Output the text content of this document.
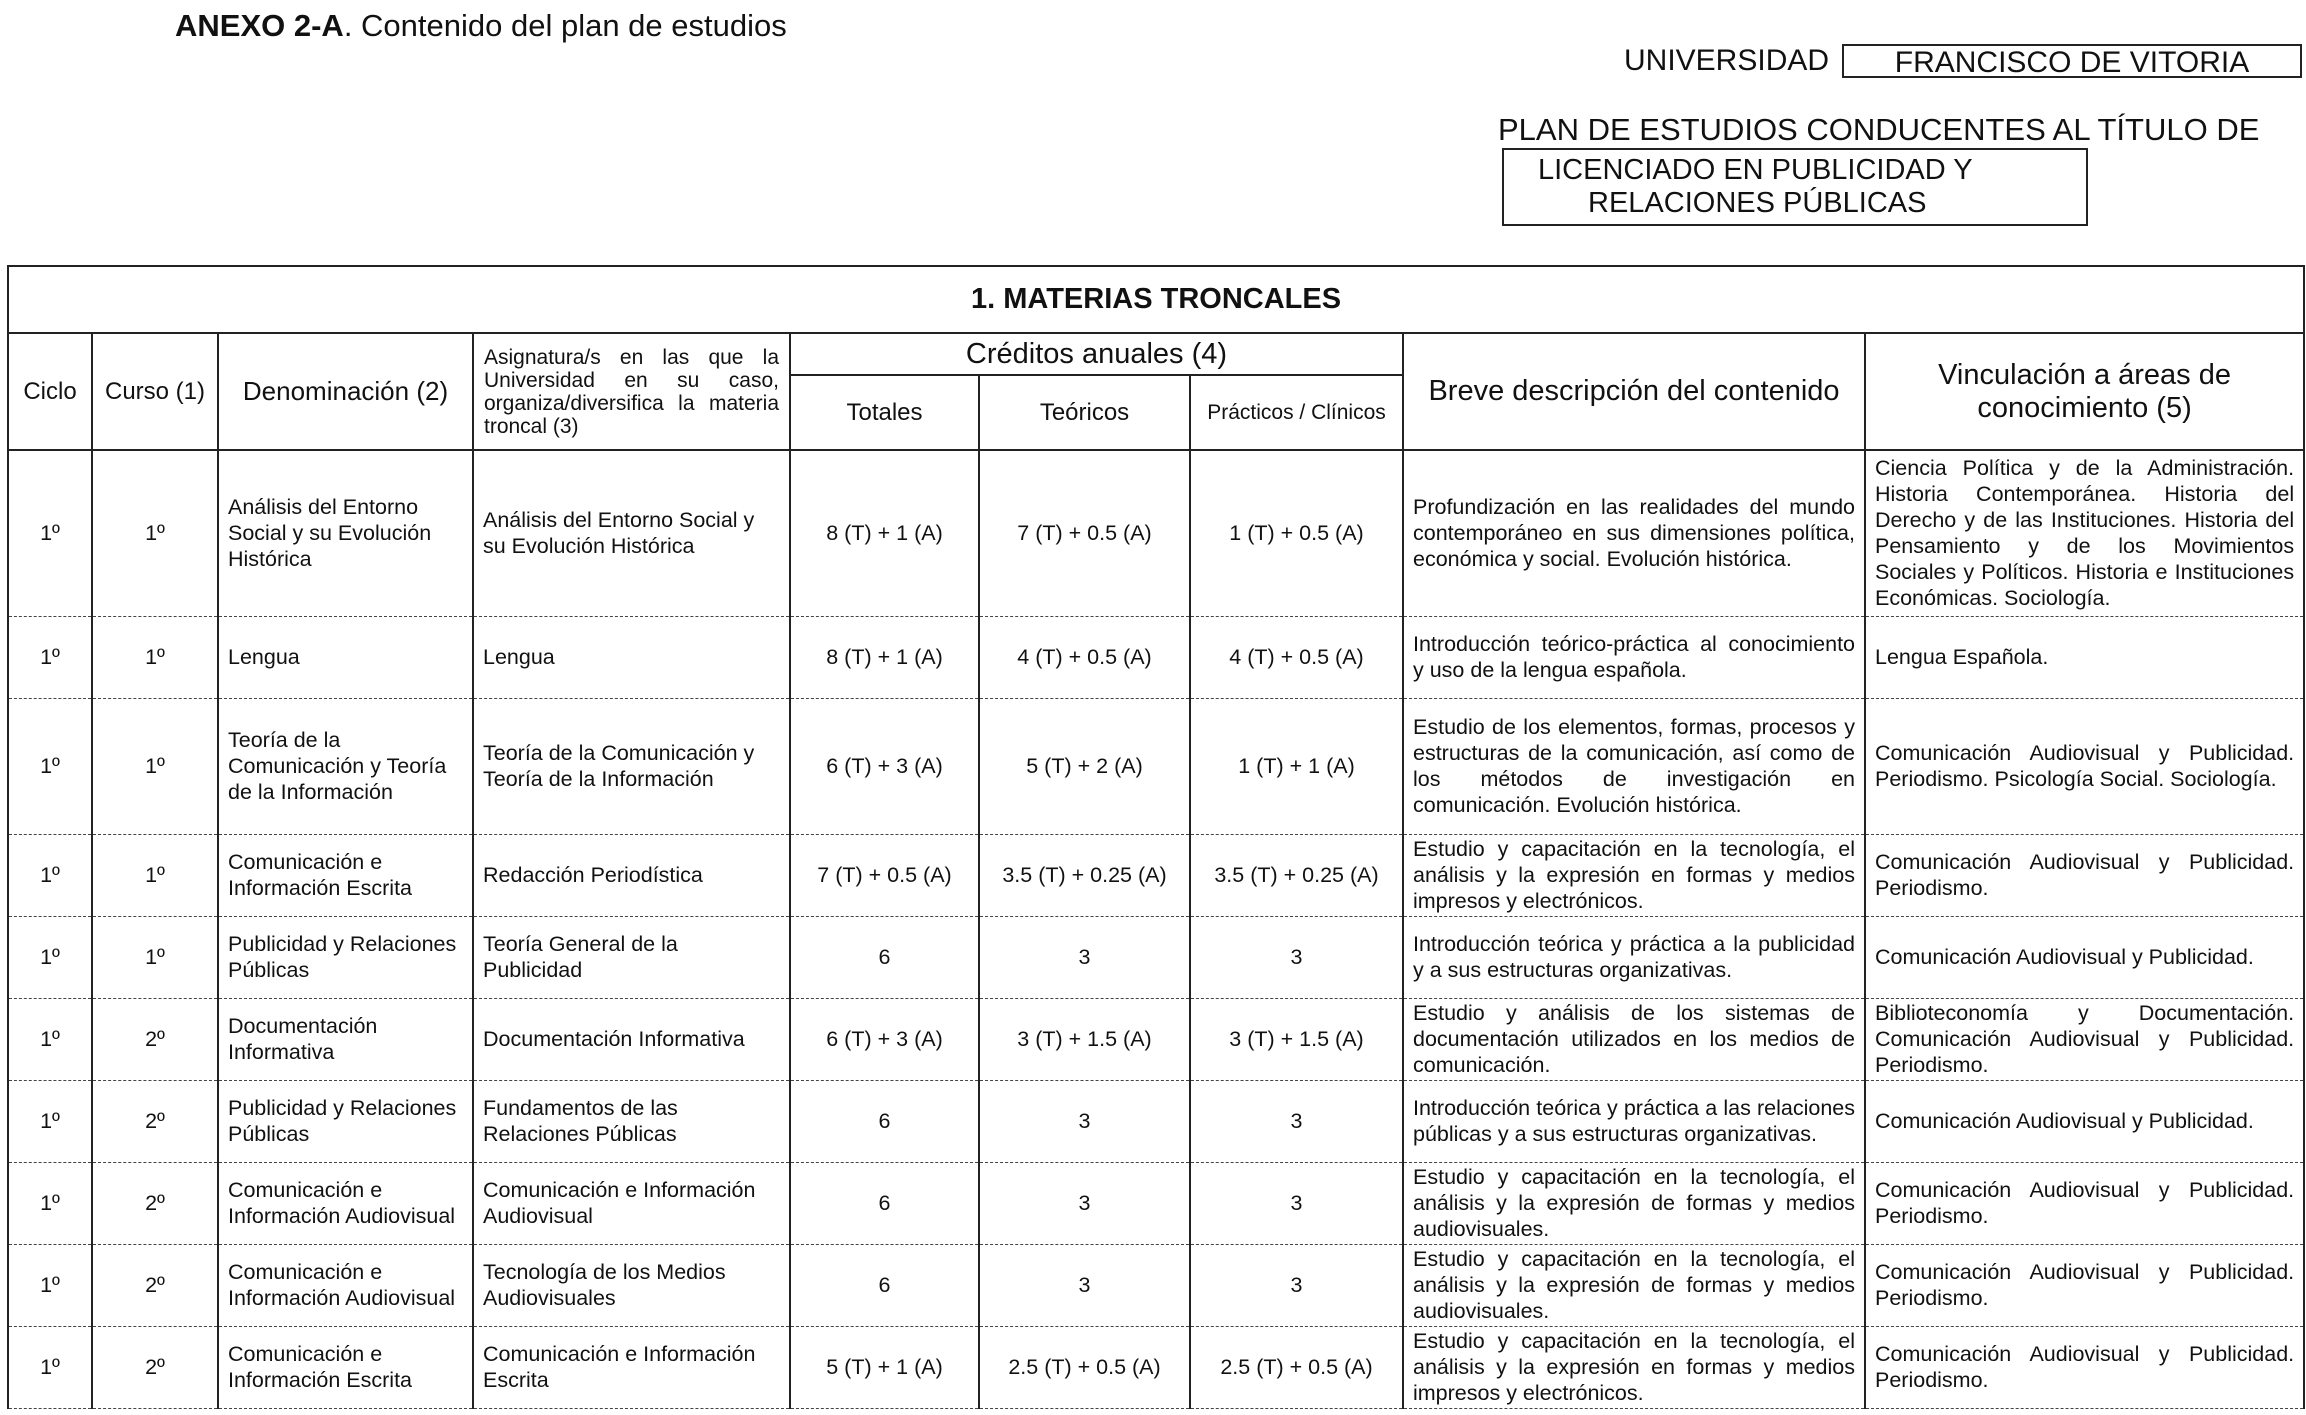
ANEXO 2-A. Contenido del plan de estudios
UNIVERSIDAD	FRANCISCO DE VITORIA
PLAN DE ESTUDIOS CONDUCENTES AL TÍTULO DE
LICENCIADO EN PUBLICIDAD Y
RELACIONES PÚBLICAS
1. MATERIAS TRONCALES								
Ciclo	Curso (1)	Denominación (2)	Asignatura/s en las que la Universidad en su caso, organiza/diversifica la materia troncal (3)	Créditos anuales (4)			Breve descripción del contenido	Vinculación a áreas de conocimiento (5)
				Totales	Teóricos	Prácticos / Clínicos		
1º	1º	Análisis del Entorno Social y su Evolución Histórica	Análisis del Entorno Social y su Evolución Histórica	8 (T) + 1 (A)	7 (T) + 0.5 (A)	1 (T) + 0.5 (A)	Profundización en las realidades del mundo contemporáneo en sus dimensiones política, económica y social. Evolución histórica.	Ciencia Política y de la Administración. Historia Contemporánea. Historia del Derecho y de las Instituciones. Historia del Pensamiento y de los Movimientos Sociales y Políticos. Historia e Instituciones Económicas. Sociología.
1º	1º	Lengua	Lengua	8 (T) + 1 (A)	4 (T) + 0.5 (A)	4 (T) + 0.5 (A)	Introducción teórico-práctica al conocimiento y uso de la lengua española.	Lengua Española.
1º	1º	Teoría de la Comunicación y Teoría de la Información	Teoría de la Comunicación y Teoría de la Información	6 (T) + 3 (A)	5 (T) + 2 (A)	1 (T) + 1 (A)	Estudio de los elementos, formas, procesos y estructuras de la comunicación, así como de los métodos de investigación en comunicación. Evolución histórica.	Comunicación Audiovisual y Publicidad. Periodismo. Psicología Social. Sociología.
1º	1º	Comunicación e Información Escrita	Redacción Periodística	7 (T) + 0.5 (A)	3.5 (T) + 0.25 (A)	3.5 (T) + 0.25 (A)	Estudio y capacitación en la tecnología, el análisis y la expresión en formas y medios impresos y electrónicos.	Comunicación Audiovisual y Publicidad. Periodismo.
1º	1º	Publicidad y Relaciones Públicas	Teoría General de la Publicidad	6	3	3	Introducción teórica y práctica a la publicidad y a sus estructuras organizativas.	Comunicación Audiovisual y Publicidad.
1º	2º	Documentación Informativa	Documentación Informativa	6 (T) + 3 (A)	3 (T) + 1.5 (A)	3 (T) + 1.5 (A)	Estudio y análisis de los sistemas de documentación utilizados en los medios de comunicación.	Biblioteconomía y Documentación. Comunicación Audiovisual y Publicidad. Periodismo.
1º	2º	Publicidad y Relaciones Públicas	Fundamentos de las Relaciones Públicas	6	3	3	Introducción teórica y práctica a las relaciones públicas y a sus estructuras organizativas.	Comunicación Audiovisual y Publicidad.
1º	2º	Comunicación e Información Audiovisual	Comunicación e Información Audiovisual	6	3	3	Estudio y capacitación en la tecnología, el análisis y la expresión de formas y medios audiovisuales.	Comunicación Audiovisual y Publicidad. Periodismo.
1º	2º	Comunicación e Información Audiovisual	Tecnología de los Medios Audiovisuales	6	3	3	Estudio y capacitación en la tecnología, el análisis y la expresión de formas y medios audiovisuales.	Comunicación Audiovisual y Publicidad. Periodismo.
1º	2º	Comunicación e Información Escrita	Comunicación e Información Escrita	5 (T) + 1 (A)	2.5 (T) + 0.5 (A)	2.5 (T) + 0.5 (A)	Estudio y capacitación en la tecnología, el análisis y la expresión en formas y medios impresos y electrónicos.	Comunicación Audiovisual y Publicidad. Periodismo.
